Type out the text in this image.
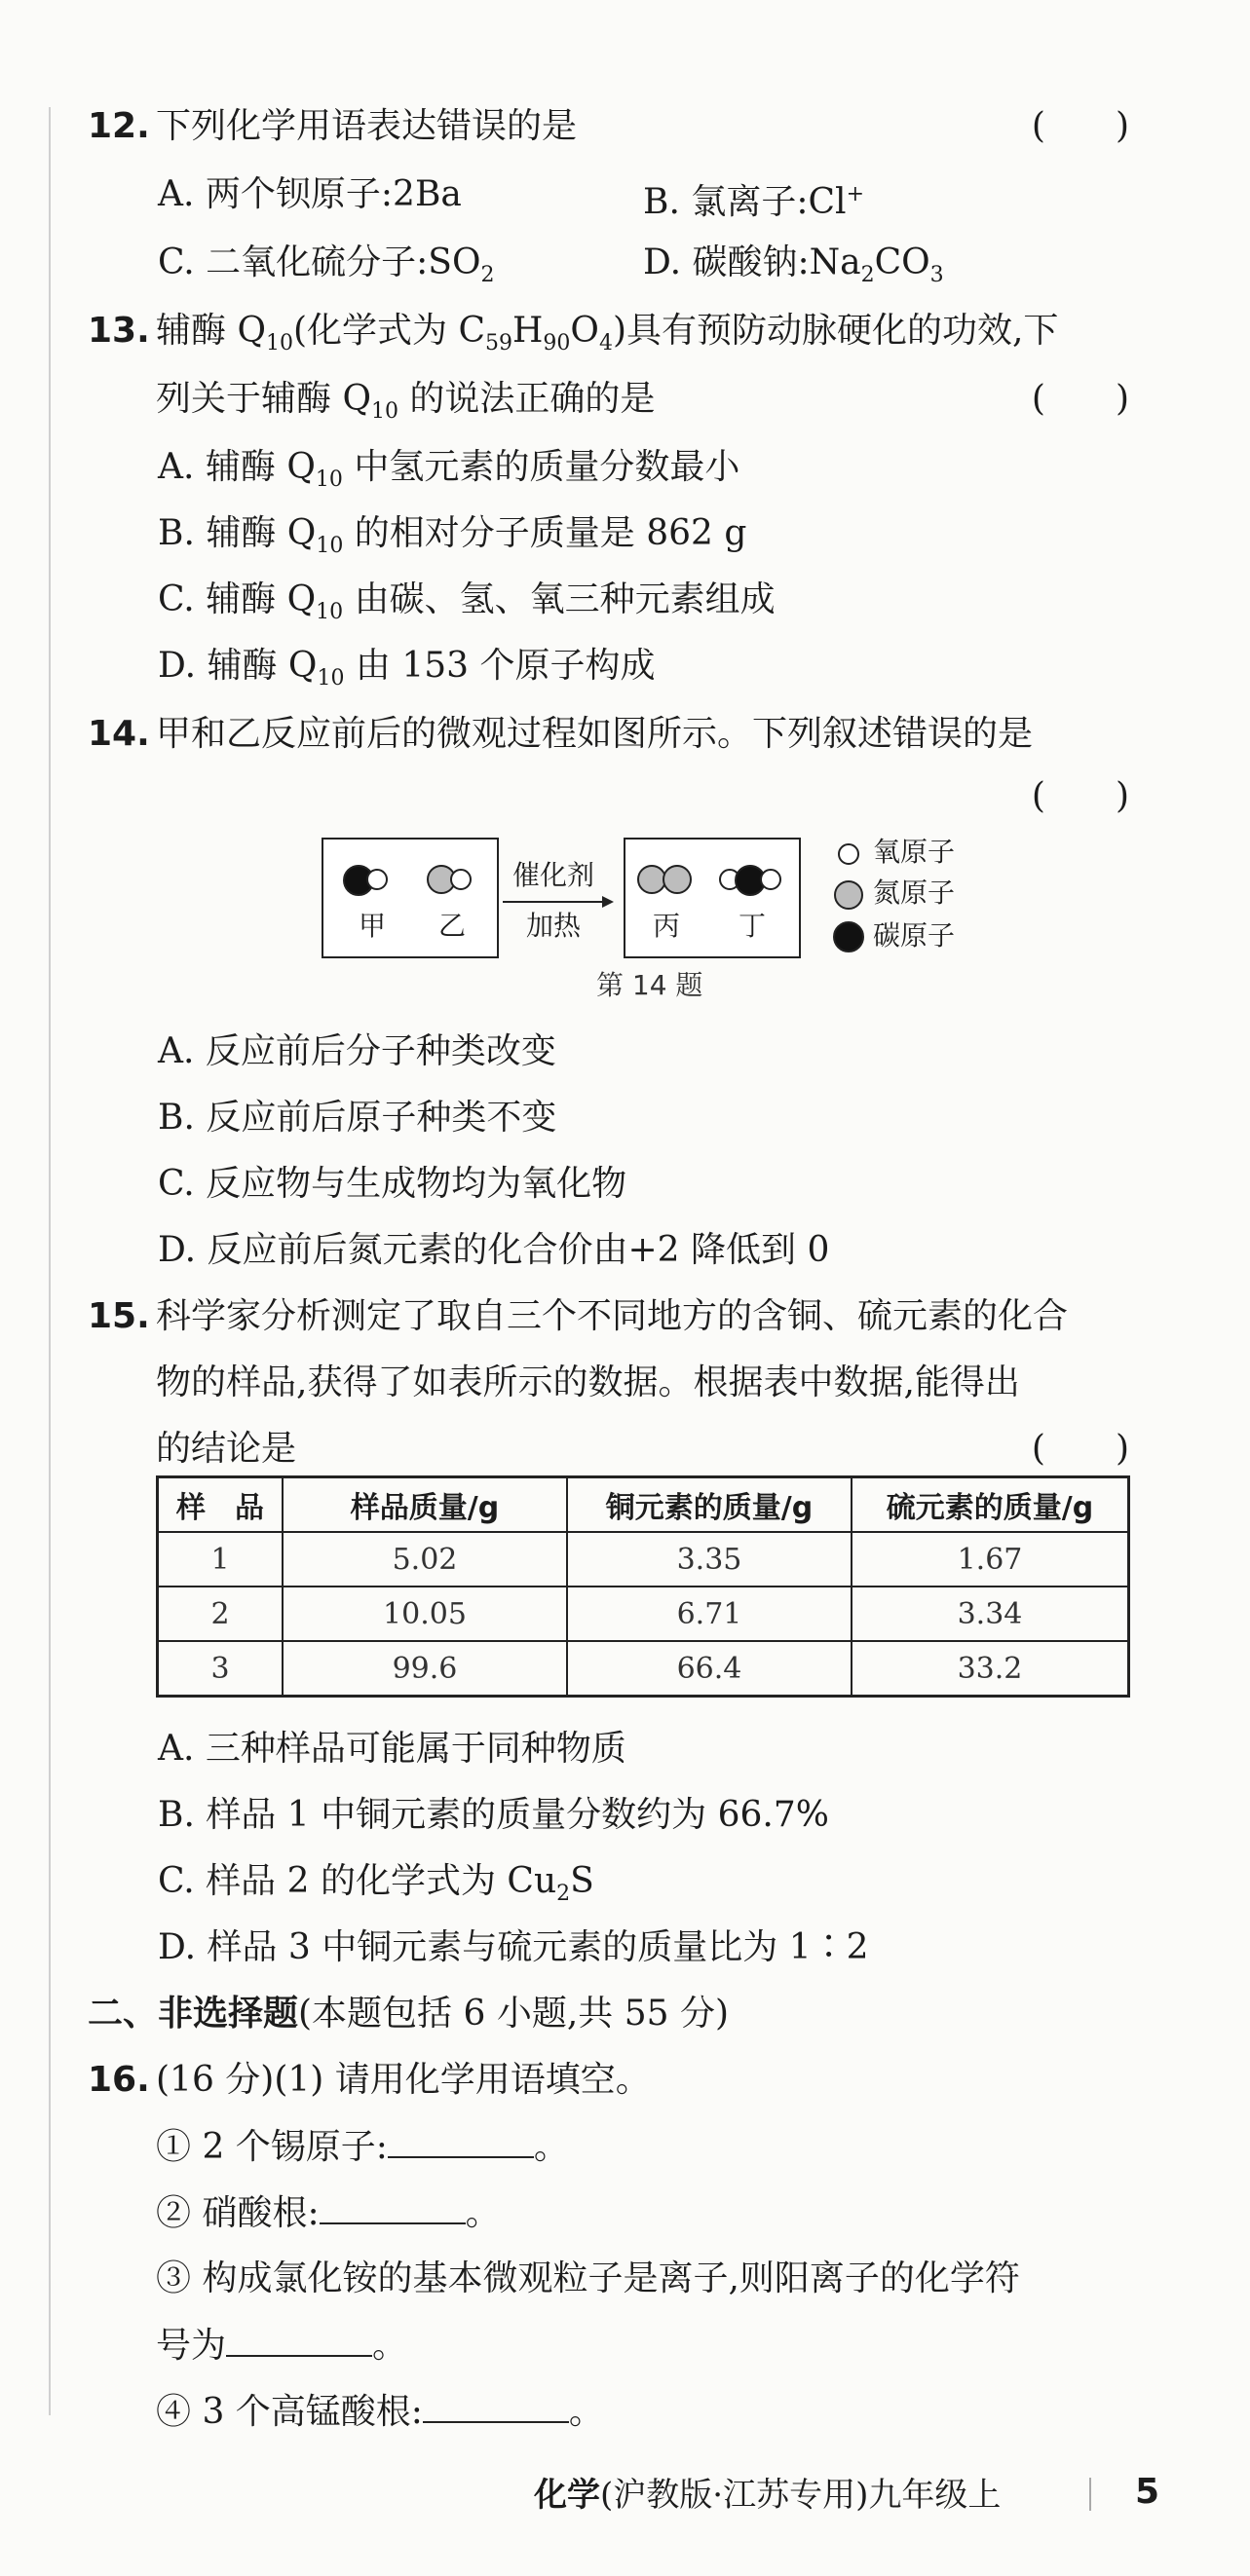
12. 下列化学用语表达错误的是	(　　)
A. 两个钡原子:2Ba	B. 氯离子:Cl+
C. 二氧化硫分子$:SO_2$	D. 碳酸钠$:Na_2CO_3$
13. 辅酶 $Q_{10}$(化学式为 $C_{59}H_{90}O_4$)具有预防动脉硬化的功效,下
列关于辅酶 $Q_{10}$ 的说法正确的是	(　　)
A. 辅酶 $Q_{10}$ 中氢元素的质量分数最小
B. 辅酶 $Q_{10}$ 的相对分子质量是 862 g
C. 辅酶 $Q_{10}$ 由碳、氢、氧三种元素组成
D. 辅酶 $Q_{10}$ 由 153 个原子构成
14. 甲和乙反应前后的微观过程如图所示。下列叙述错误的是
(　　)
甲 乙
催化剂
加热	丙 丁
氧原子
氮原子
碳原子
第 14 题
A. 反应前后分子种类改变
B. 反应前后原子种类不变
C. 反应物与生成物均为氧化物
D. 反应前后氮元素的化合价由+2 降低到 0
15. 科学家分析测定了取自三个不同地方的含铜、硫元素的化合
物的样品,获得了如表所示的数据。根据表中数据,能得出
的结论是	(　　)
样　品	样品质量/g	铜元素的质量/g	硫元素的质量/g
1	5.02	3.35	1.67
2	10.05	6.71	3.34
3	99.6	66.4	33.2
A. 三种样品可能属于同种物质
B. 样品 1 中铜元素的质量分数约为 66.7%
C. 样品 2 的化学式为 $Cu_2S$
D. 样品 3 中铜元素与硫元素的质量比为 1∶2
二、非选择题(本题包括 6 小题,共 55 分)
16. (16 分)(1) 请用化学用语填空。
① 2 个锡原子:	。
② 硝酸根:	。
③ 构成氯化铵的基本微观粒子是离子,则阳离子的化学符
号为	。
④ 3 个高锰酸根:	。
化学(沪教版·江苏专用)九年级上	5
